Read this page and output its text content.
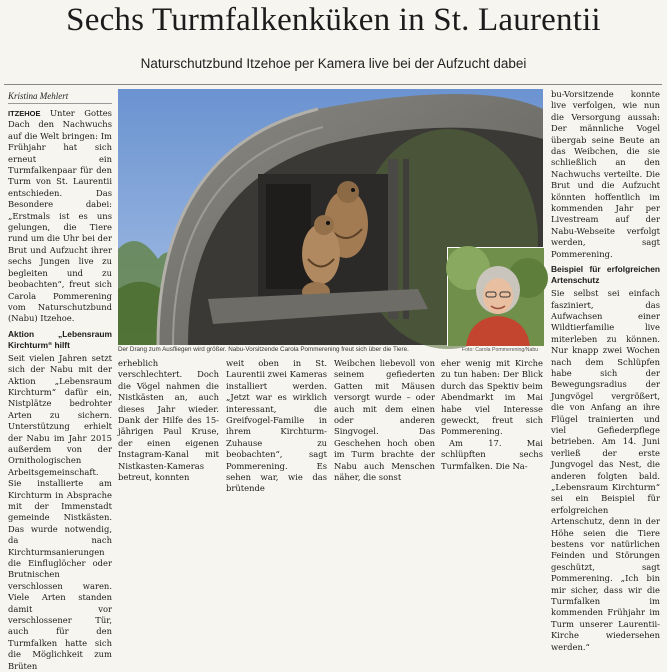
Sechs Turmfalkenküken in St. Laurentii
Naturschutzbund Itzehoe per Kamera live bei der Aufzucht dabei
Kristina Mehlert

ITZEHOE Unter Gottes Dach den Nachwuchs auf die Welt bringen: Im Frühjahr hat sich erneut ein Turmfalkenpaar für den Turm von St. Laurentii entschieden. Das Besondere dabei: „Erstmals ist es uns gelungen, die Tiere rund um die Uhr bei der Brut und Aufzucht ihrer sechs Jungen live zu begleiten und zu beobachten“, freut sich Carola Pommerening vom Naturschutzbund (Nabu) Itzehoe.

Aktion „Lebensraum Kirchturm“ hilft

Seit vielen Jahren setzt sich der Nabu mit der Aktion „Lebensraum Kirchturm“ dafür ein, Nistplätze bedrohter Arten zu sichern. Unterstützung erhielt der Nabu im Jahr 2015 außerdem von der Ornithologischen Arbeitsgemeinschaft. Sie installierte am Kirchturm in Absprache mit der Immenstadt gemeinde Nistkästen. Das wurde notwendig, da nach Kirchturmsanierungen die Einfluglöcher oder Brutnischen verschlossen waren. Viele Arten standen damit vor verschlossener Tür, auch für den Turmfalken hatte sich die Möglichkeit zum Brüten

Der Drang zum Ausfliegen wird größer. Nabu-Vorsitzende Carola Pommerening freut sich über die Tiere.	Foto: Carola Pommerening/Nabu

erheblich verschlechtert. Doch die Vögel nahmen die Nistkästen an, auch dieses Jahr wieder. Dank der Hilfe des 15-jährigen Paul Kruse, der einen eigenen Instagram-Kanal mit Nistkasten-Kameras betreut, konnten

weit oben in St. Laurentii zwei Kameras installiert werden. „Jetzt war es wirklich interessant, die Greifvogel-Familie in ihrem Kirchturm-Zuhause zu beobachten“, sagt Pommerening. Es sehen war, wie das brütende

Weibchen liebevoll von seinem gefiederten Gatten mit Mäusen versorgt wurde – oder auch mit dem einen oder anderen Singvogel. Das Geschehen hoch oben im Turm brachte der Nabu auch Menschen näher, die sonst

eher wenig mit Kirche zu tun haben: Der Blick durch das Spektiv beim Abendmarkt im Mai habe viel Interesse geweckt, freut sich Pommerening.

Am 17. Mai schlüpften sechs Turmfalken. Die Na-

bu-Vorsitzende konnte live verfolgen, wie nun die Versorgung aussah: Der männliche Vogel übergab seine Beute an das Weibchen, die sie schließlich an den Nachwuchs verteilte. Die Brut und die Aufzucht könnten hoffentlich im kommenden Jahr per Livestream auf der Nabu-Webseite verfolgt werden, sagt Pommerening.

Beispiel für erfolgreichen Artenschutz

Sie selbst sei einfach fasziniert, das Aufwachsen einer Wildtierfamilie live miterleben zu können. Nur knapp zwei Wochen nach dem Schlüpfen habe sich der Bewegungsradius der Jungvögel vergrößert, die von Anfang an ihre Flügel trainierten und viel Gefiederpflege betrieben. Am 14. Juni verließ der erste Jungvogel das Nest, die anderen folgten bald. „Lebensraum Kirchturm“ sei ein Beispiel für erfolgreichen Artenschutz, denn in der Höhe seien die Tiere bestens vor natürlichen Feinden und Störungen geschützt, sagt Pommerening. „Ich bin mir sicher, dass wir die Turmfalken im kommenden Frühjahr im Turm unserer Laurentii-Kirche wiedersehen werden.“
